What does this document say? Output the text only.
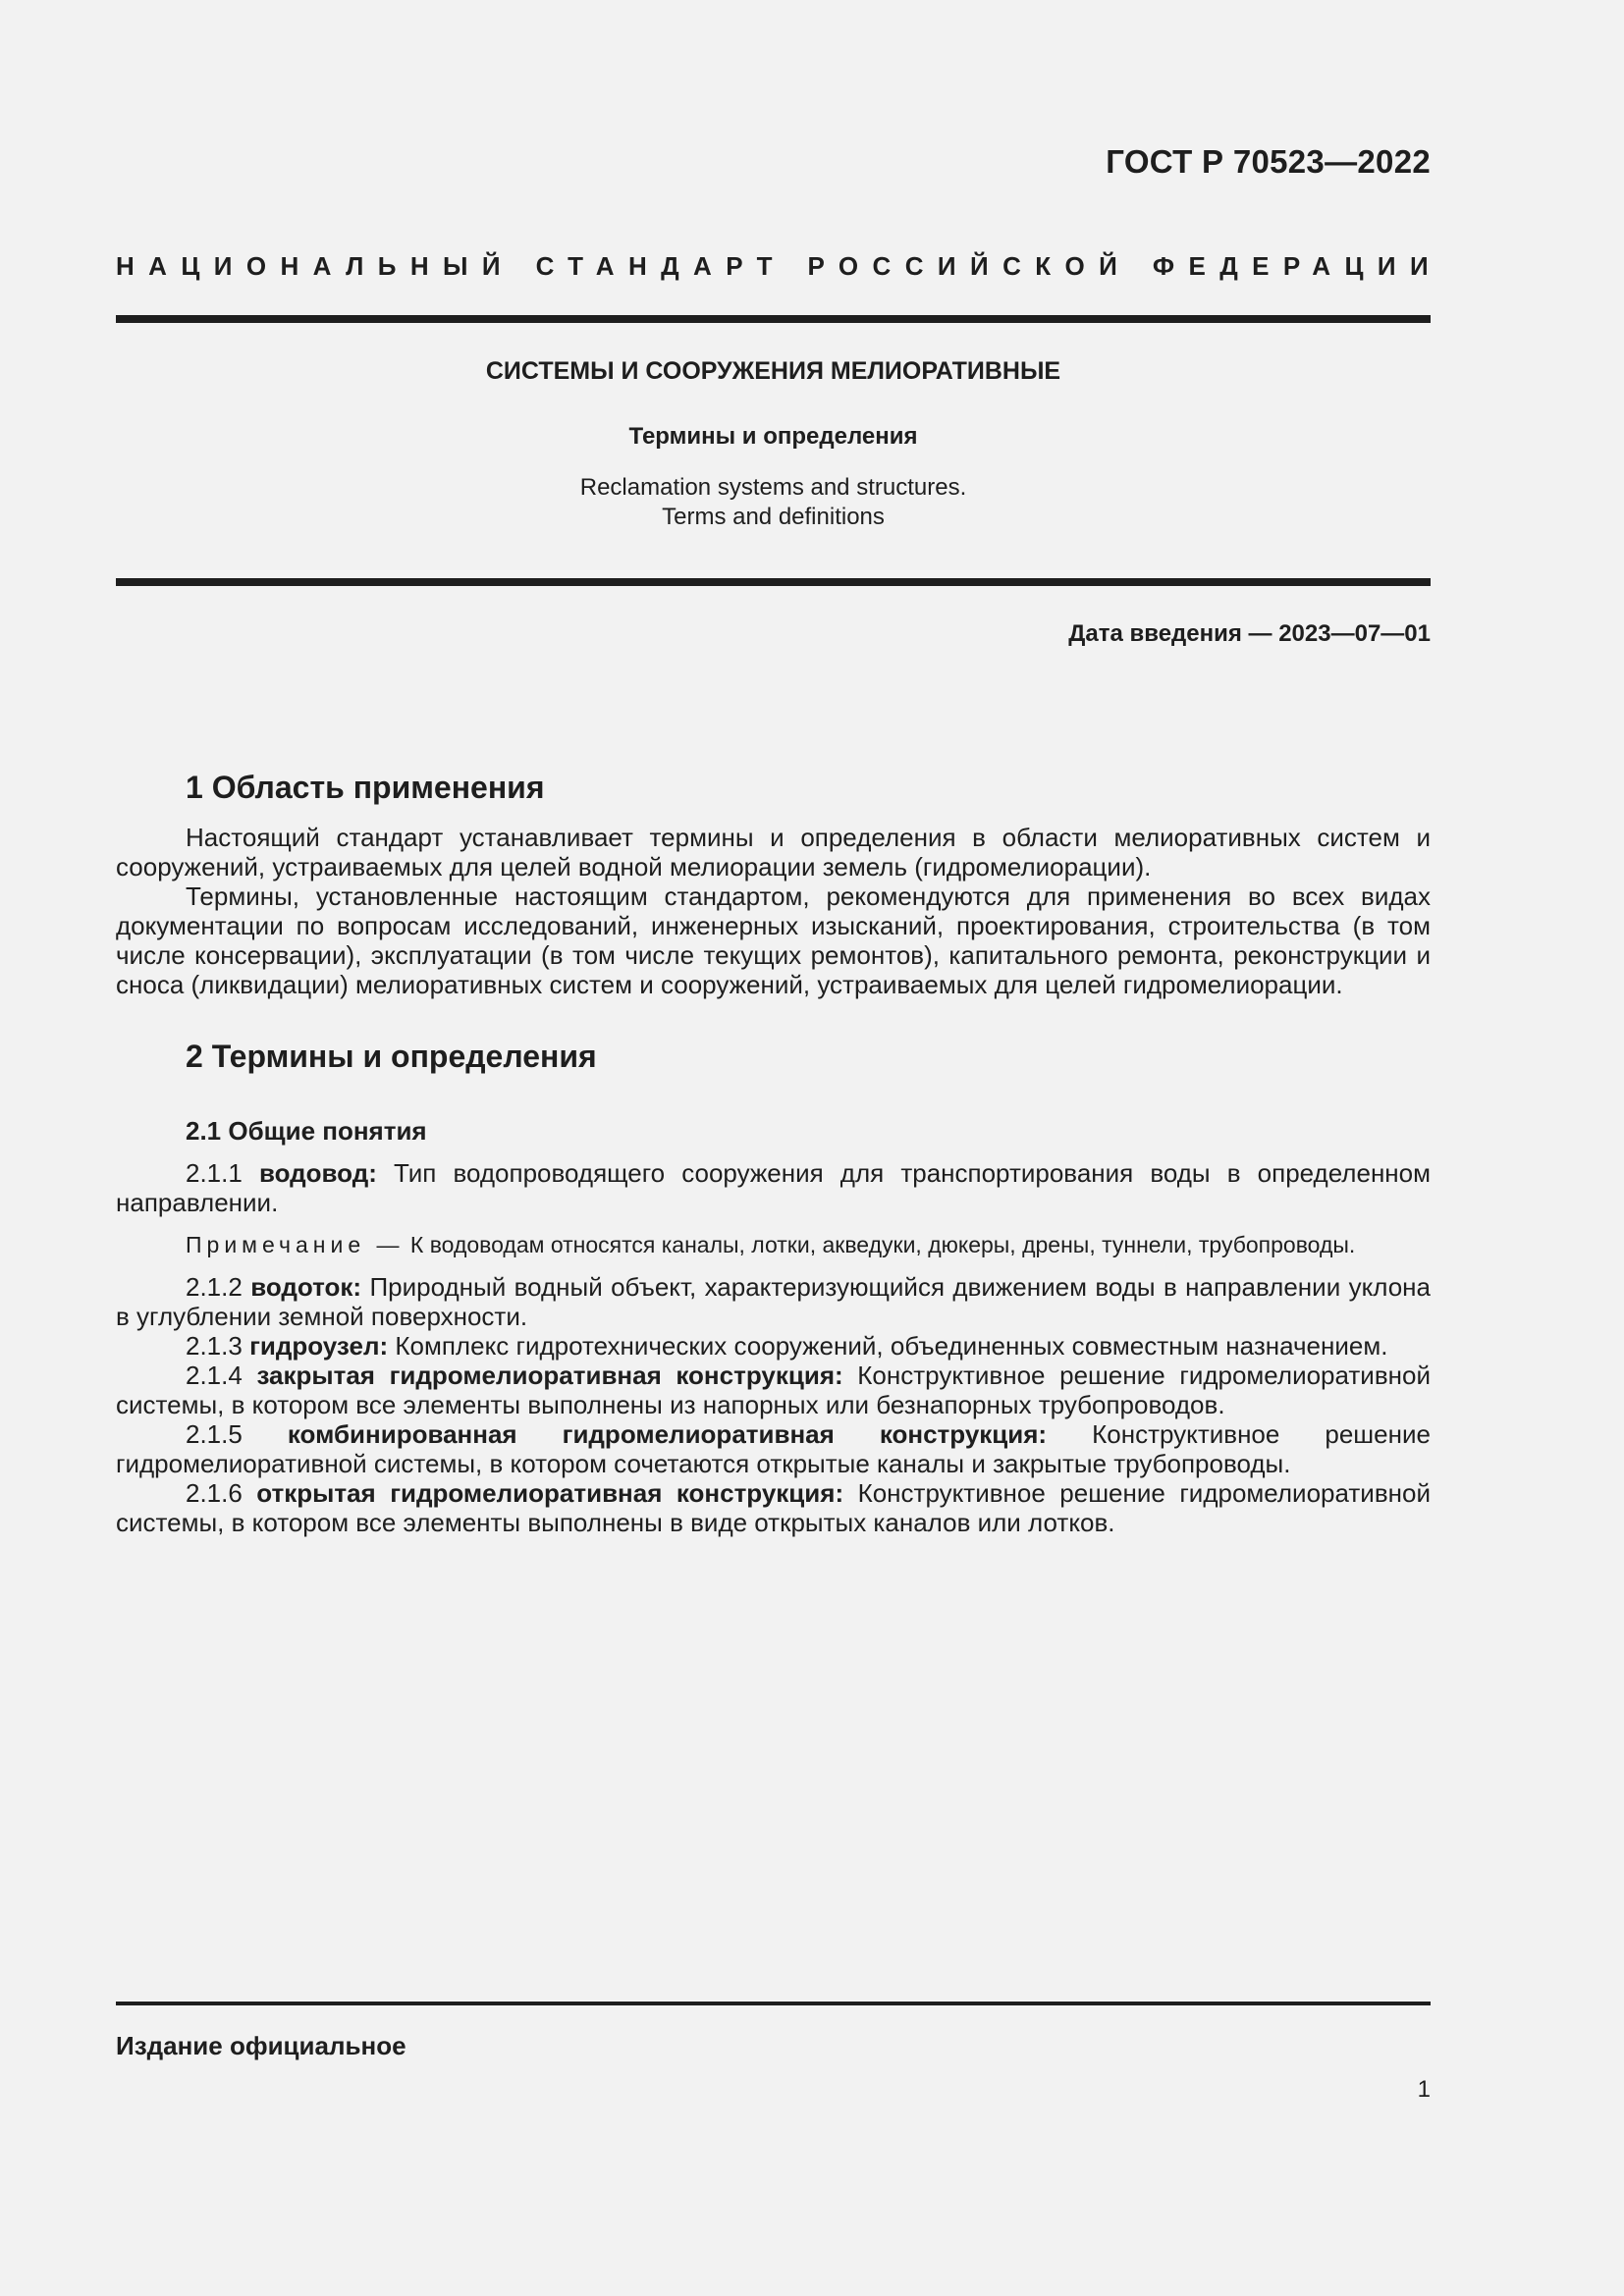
ГОСТ Р 70523—2022
НАЦИОНАЛЬНЫЙ СТАНДАРТ РОССИЙСКОЙ ФЕДЕРАЦИИ
СИСТЕМЫ И СООРУЖЕНИЯ МЕЛИОРАТИВНЫЕ
Термины и определения
Reclamation systems and structures.
Terms and definitions
Дата введения — 2023—07—01
1 Область применения

Настоящий стандарт устанавливает термины и определения в области мелиоративных систем и сооружений, устраиваемых для целей водной мелиорации земель (гидромелиорации).

Термины, установленные настоящим стандартом, рекомендуются для применения во всех видах документации по вопросам исследований, инженерных изысканий, проектирования, строительства (в том числе консервации), эксплуатации (в том числе текущих ремонтов), капитального ремонта, реконструкции и сноса (ликвидации) мелиоративных систем и сооружений, устраиваемых для целей гидромелиорации.

2 Термины и определения
2.1 Общие понятия

2.1.1 водовод: Тип водопроводящего сооружения для транспортирования воды в определенном направлении.

Примечание — К водоводам относятся каналы, лотки, акведуки, дюкеры, дрены, туннели, трубопроводы.

2.1.2 водоток: Природный водный объект, характеризующийся движением воды в направлении уклона в углублении земной поверхности.

2.1.3 гидроузел: Комплекс гидротехнических сооружений, объединенных совместным назначением.

2.1.4 закрытая гидромелиоративная конструкция: Конструктивное решение гидромелиоративной системы, в котором все элементы выполнены из напорных или безнапорных трубопроводов.

2.1.5 комбинированная гидромелиоративная конструкция: Конструктивное решение гидромелиоративной системы, в котором сочетаются открытые каналы и закрытые трубопроводы.

2.1.6 открытая гидромелиоративная конструкция: Конструктивное решение гидромелиоративной системы, в котором все элементы выполнены в виде открытых каналов или лотков.

Издание официальное
1
